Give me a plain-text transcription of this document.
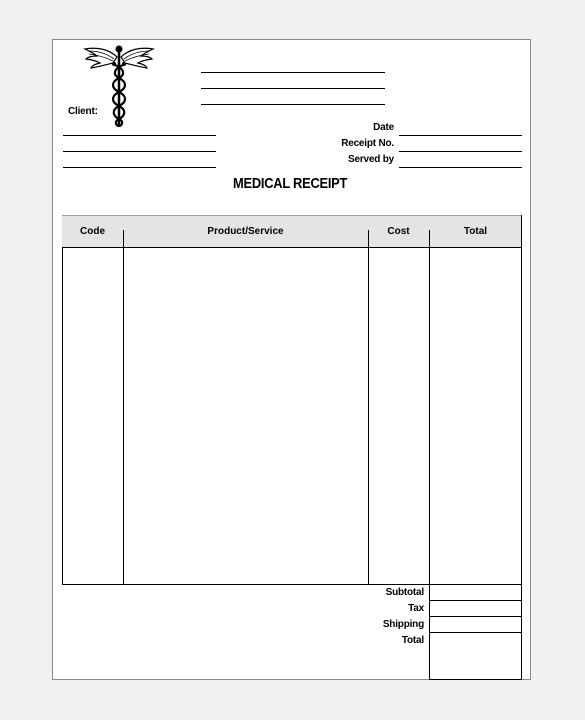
Client:
Date
Receipt No.
Served by
MEDICAL RECEIPT
Code	Product/Service	Cost	Total
Subtotal
Tax
Shipping
Total
